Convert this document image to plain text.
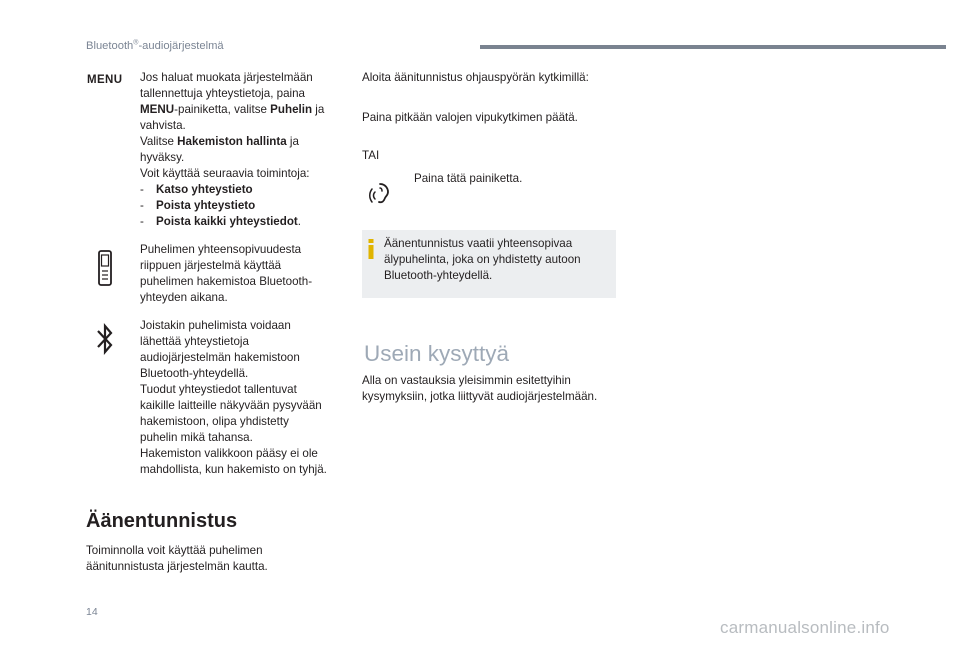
Bluetooth®-audiojärjestelmä
MENU Jos haluat muokata järjestelmään
tallennettuja yhteystietoja, paina
MENU-painiketta, valitse Puhelin ja
vahvista.
Valitse Hakemiston hallinta ja
hyväksy.
Voit käyttää seuraavia toimintoja:
- Katso yhteystieto
- Poista yhteystieto
- Poista kaikki yhteystiedot.
Puhelimen yhteensopivuudesta
riippuen järjestelmä käyttää
puhelimen hakemistoa Bluetooth-
yhteyden aikana.
Joistakin puhelimista voidaan
lähettää yhteystietoja
audiojärjestelmän hakemistoon
Bluetooth-yhteydellä.
Tuodut yhteystiedot tallentuvat
kaikille laitteille näkyvään pysyvään
hakemistoon, olipa yhdistetty
puhelin mikä tahansa.
Hakemiston valikkoon pääsy ei ole
mahdollista, kun hakemisto on tyhjä.
Äänentunnistus
Toiminnolla voit käyttää puhelimen
äänitunnistusta järjestelmän kautta.
Aloita äänitunnistus ohjauspyörän kytkimillä:
Paina pitkään valojen vipukytkimen päätä.
TAI
Paina tätä painiketta.
Äänentunnistus vaatii yhteensopivaa
älypuhelinta, joka on yhdistetty autoon
Bluetooth-yhteydellä.
Usein kysyttyä
Alla on vastauksia yleisimmin esitettyihin
kysymyksiin, jotka liittyvät audiojärjestelmään.
14
carmanualsonline.info
